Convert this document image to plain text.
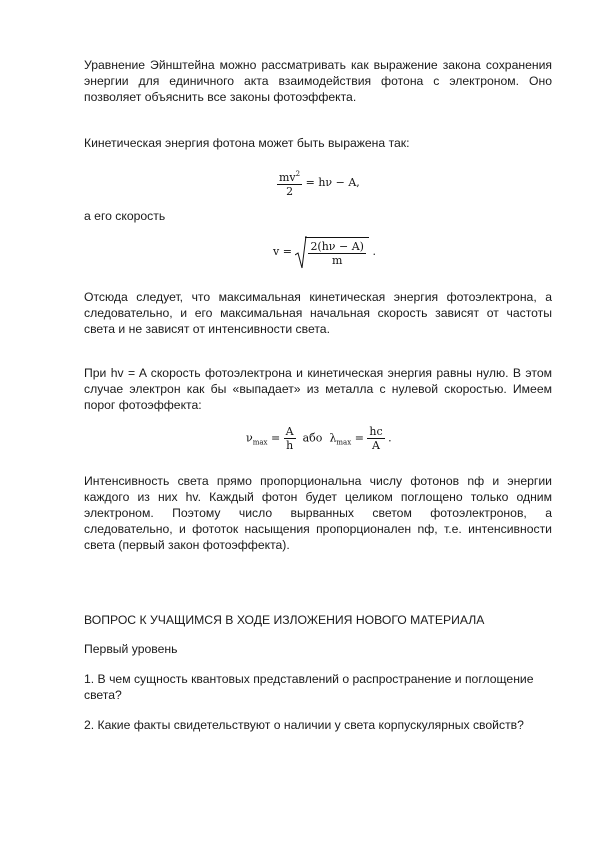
Уравнение Эйнштейна можно рассматривать как выражение закона сохранения энергии для единичного акта взаимодействия фотона с электроном. Оно позволяет объяснить все законы фотоэффекта.
Кинетическая энергия фотона может быть выражена так:
$\frac{mv^2}{2} = h\nu - A$,
а его скорость
$v = \frac{2(h\nu - A)}{m}$ .
Отсюда следует, что максимальная кинетическая энергия фотоэлектрона, а следовательно, и его максимальная начальная скорость зависят от частоты света и не зависят от интенсивности света.
При hv = A скорость фотоэлектрона и кинетическая энергия равны нулю. В этом случае электрон как бы «выпадает» из металла с нулевой скоростью. Имеем порог фотоэффекта:
$\nu_{max} = \frac{A}{h}$ або $\lambda_{max} = \frac{hc}{A}$ .
Интенсивность света прямо пропорциональна числу фотонов nф и энергии каждого из них hv. Каждый фотон будет целиком поглощено только одним электроном. Поэтому число вырванных светом фотоэлектронов, а следовательно, и фототок насыщения пропорционален nф, т.е. интенсивности света (первый закон фотоэффекта).
ВОПРОС К УЧАЩИМСЯ В ХОДЕ ИЗЛОЖЕНИЯ НОВОГО МАТЕРИАЛА
Первый уровень
1. В чем сущность квантовых представлений о распространение и поглощение света?
2. Какие факты свидетельствуют о наличии у света корпускулярных свойств?
